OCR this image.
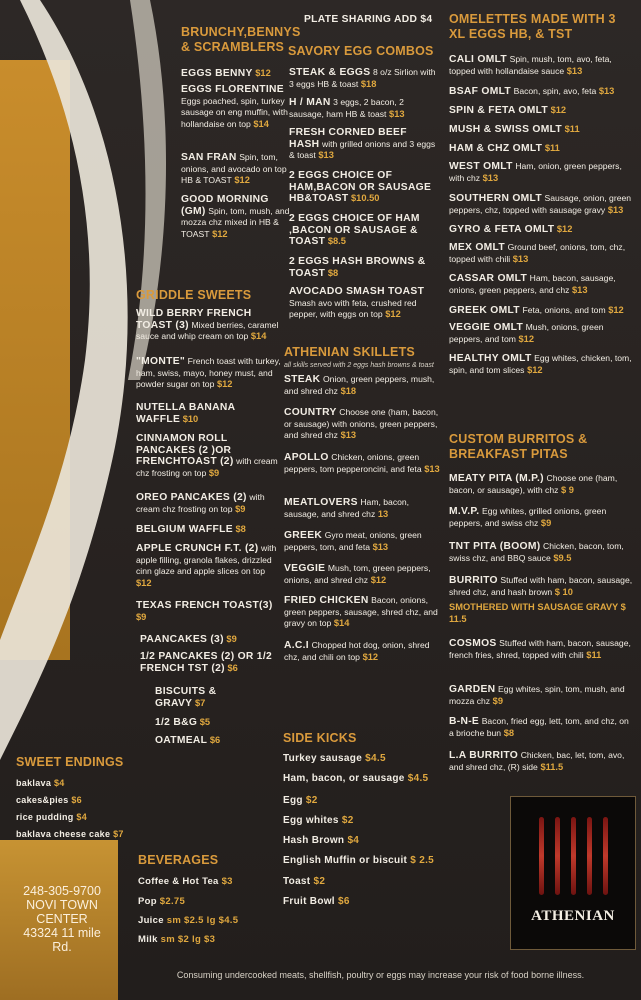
BRUNCHY,BENNYS & SCRAMBLERS
EGGS BENNY $12
EGGS FLORENTINE Eggs poached, spin, turkey sausage on eng muffin, with hollandaise on top $14
SAN FRAN Spin, tom, onions, and avocado on top HB & TOAST $12
GOOD MORNING (GM) Spin, tom, mush, and mozza chz mixed in HB & TOAST $12
PLATE SHARING ADD $4
SAVORY EGG COMBOS
STEAK & EGGS 8 o/z Sirlion with 3 eggs HB & toast $18
H / MAN 3 eggs, 2 bacon, 2 sausage, ham HB & toast $13
FRESH CORNED BEEF HASH with grilled onions and 3 eggs & toast $13
2 EGGS CHOICE OF HAM,BACON OR SAUSAGE HB&TOAST $10.50
2 EGGS CHOICE OF HAM ,BACON OR SAUSAGE & TOAST $8.5
2 EGGS HASH BROWNS & TOAST $8
AVOCADO SMASH TOAST Smash avo with feta, crushed red pepper, with eggs on top $12
OMELETTES MADE WITH 3 XL EGGS HB, & TST
CALI OMLT Spin, mush, tom, avo, feta, topped with hollandaise sauce $13
BSAF OMLT Bacon, spin, avo, feta $13
SPIN & FETA OMLT $12
MUSH & SWISS OMLT $11
HAM & CHZ OMLT $11
WEST OMLT Ham, onion, green peppers, with chz $13
SOUTHERN OMLT Sausage, onion, green peppers, chz, topped with sausage gravy $13
GYRO & FETA OMLT $12
MEX OMLT Ground beef, onions, tom, chz, topped with chili $13
CASSAR OMLT Ham, bacon, sausage, onions, green peppers, and chz $13
GREEK OMLT Feta, onions, and tom $12
VEGGIE OMLT Mush, onions, green peppers, and tom $12
HEALTHY OMLT Egg whites, chicken, tom, spin, and tom slices $12
GRIDDLE SWEETS
WILD BERRY FRENCH TOAST (3) Mixed berries, caramel sauce and whip cream on top $14
"MONTE" French toast with turkey, ham, swiss, mayo, honey must, and powder sugar on top $12
NUTELLA BANANA WAFFLE $10
CINNAMON ROLL PANCAKES (2 )OR FRENCHTOAST (2) with cream chz frosting on top $9
OREO PANCAKES (2) with cream chz frosting on top $9
BELGIUM WAFFLE $8
APPLE CRUNCH F.T. (2) with apple filling, granola flakes, drizzled cinn glaze and apple slices on top $12
TEXAS FRENCH TOAST(3) $9
PAANCAKES (3) $9
1/2 PANCAKES (2) OR 1/2 FRENCH TST (2) $6
BISCUITS & GRAVY $7
1/2 B&G $5
OATMEAL $6
ATHENIAN SKILLETS
all skills served with 2 eggs hash browns & toast
STEAK Onion, green peppers, mush, and shred chz $18
COUNTRY Choose one (ham, bacon, or sausage) with onions, green peppers, and shred chz $13
APOLLO Chicken, onions, green peppers, tom pepperoncini, and feta $13
MEATLOVERS Ham, bacon, sausage, and shred chz 13
GREEK Gyro meat, onions, green peppers, tom, and feta $13
VEGGIE Mush, tom, green peppers, onions, and shred chz $12
FRIED CHICKEN Bacon, onions, green peppers, sausage, shred chz, and gravy on top $14
A.C.I Chopped hot dog, onion, shred chz, and chili on top $12
CUSTOM BURRITOS & BREAKFAST PITAS
MEATY PITA (M.P.) Choose one (ham, bacon, or sausage), with chz $ 9
M.V.P. Egg whites, grilled onions, green peppers, and swiss chz $9
TNT PITA (BOOM) Chicken, bacon, tom, swiss chz, and BBQ sauce $9.5
BURRITO Stuffed with ham, bacon, sausage, shred chz, and hash brown $ 10
SMOTHERED WITH SAUSAGE GRAVY $ 11.5
COSMOS Stuffed with ham, bacon, sausage, french fries, shred, topped with chili $11
GARDEN Egg whites, spin, tom, mush, and mozza chz $9
B-N-E Bacon, fried egg, lett, tom, and chz, on a brioche bun $8
L.A BURRITO Chicken, bac, let, tom, avo, and shred chz, (R) side $11.5
SIDE KICKS
Turkey sausage $4.5
Ham, bacon, or sausage $4.5
Egg $2
Egg whites $2
Hash Brown $4
English Muffin or biscuit $ 2.5
Toast $2
Fruit Bowl $6
SWEET ENDINGS
baklava $4
cakes&pies $6
rice pudding $4
baklava cheese cake $7
BEVERAGES
Coffee & Hot Tea $3
Pop $2.75
Juice sm $2.5 lg $4.5
Milk sm $2 lg $3
248-305-9700
NOVI TOWN
CENTER
43324 11 mile
Rd.
ATHENIAN
Consuming undercooked meats, shellfish, poultry or eggs may increase your risk of food borne illness.
